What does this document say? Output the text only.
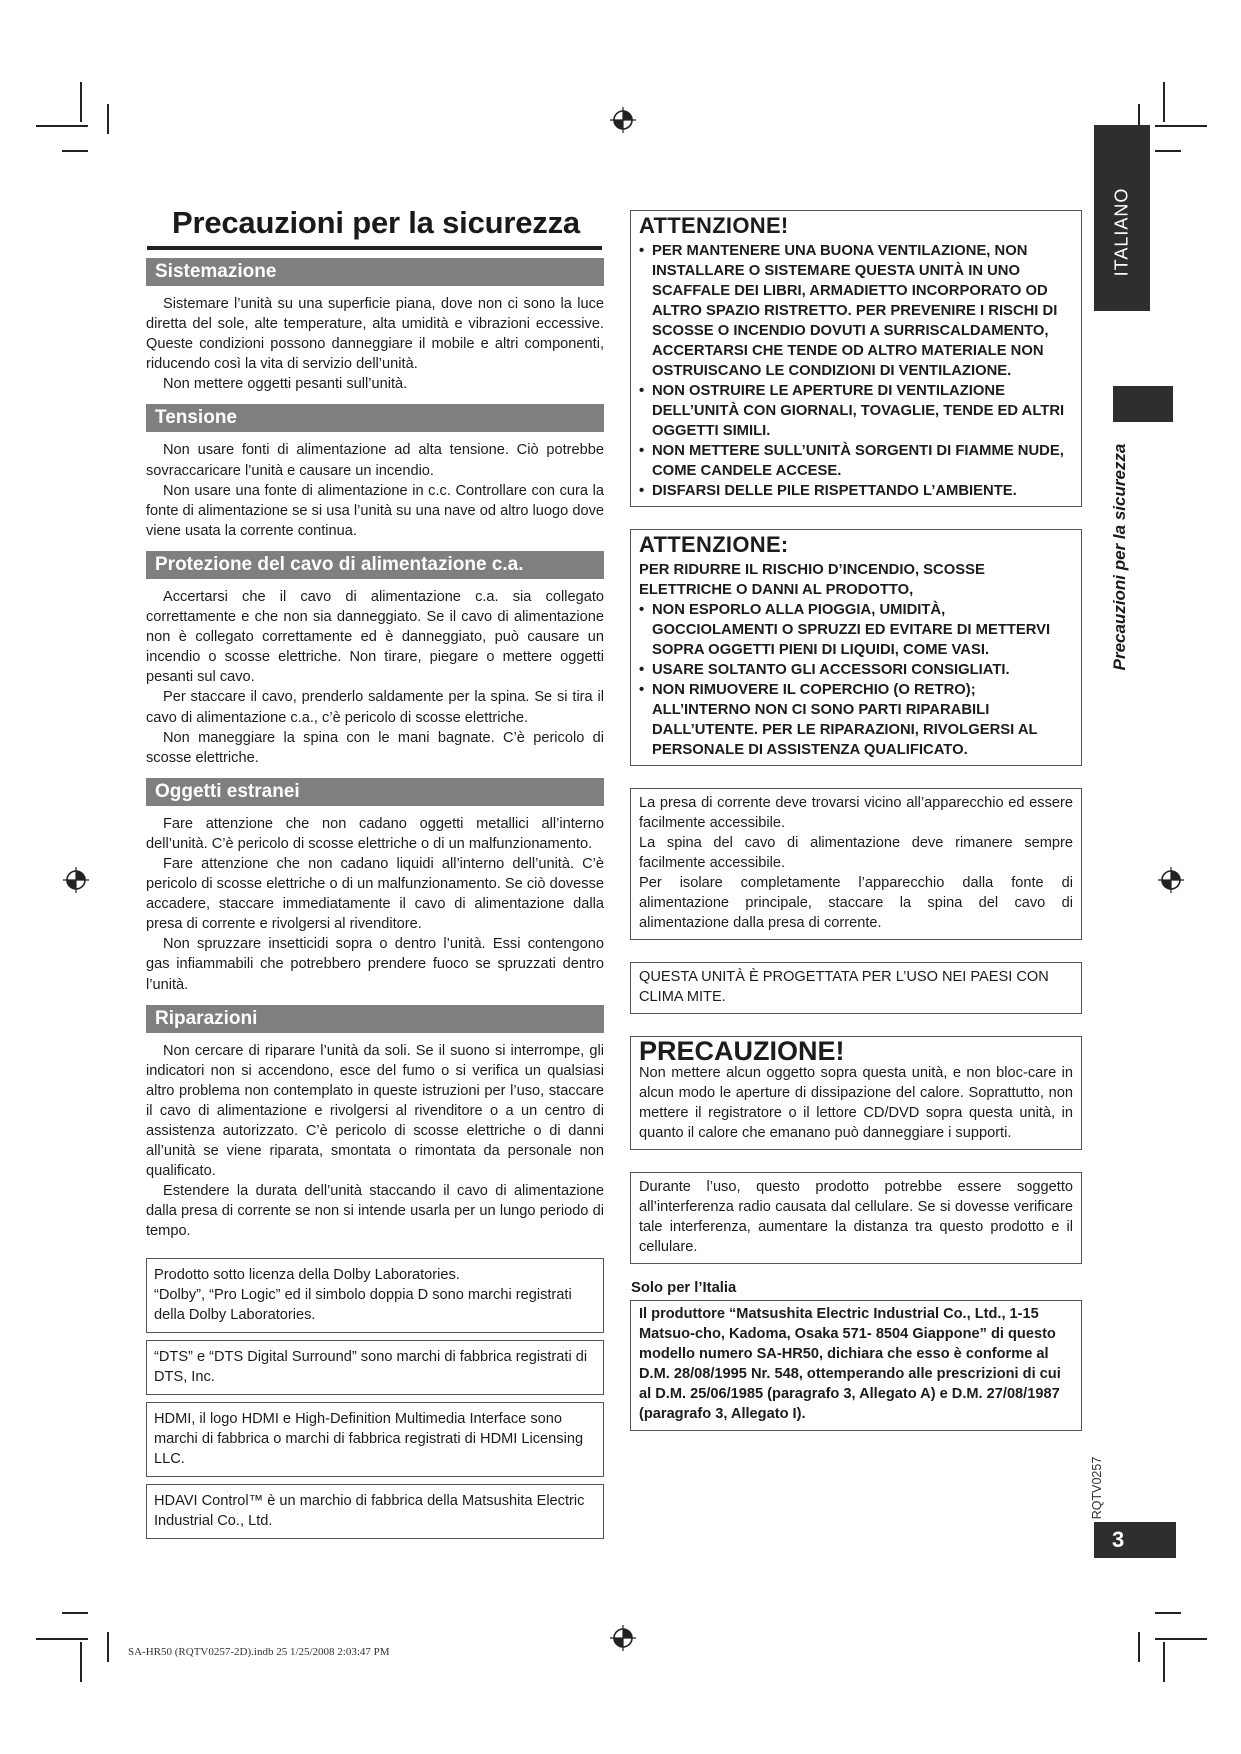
Precauzioni per la sicurezza
Sistemazione

Sistemare l’unità su una superficie piana, dove non ci sono la luce diretta del sole, alte temperature, alta umidità e vibrazioni eccessive. Queste condizioni possono danneggiare il mobile e altri componenti, riducendo così la vita di servizio dell’unità.

Non mettere oggetti pesanti sull’unità.

Tensione

Non usare fonti di alimentazione ad alta tensione. Ciò potrebbe sovraccaricare l’unità e causare un incendio.

Non usare una fonte di alimentazione in c.c. Controllare con cura la fonte di alimentazione se si usa l’unità su una nave od altro luogo dove viene usata la corrente continua.

Protezione del cavo di alimentazione c.a.

Accertarsi che il cavo di alimentazione c.a. sia collegato correttamente e che non sia danneggiato. Se il cavo di alimentazione non è collegato correttamente ed è danneggiato, può causare un incendio o scosse elettriche. Non tirare, piegare o mettere oggetti pesanti sul cavo.

Per staccare il cavo, prenderlo saldamente per la spina. Se si tira il cavo di alimentazione c.a., c’è pericolo di scosse elettriche.

Non maneggiare la spina con le mani bagnate. C’è pericolo di scosse elettriche.

Oggetti estranei

Fare attenzione che non cadano oggetti metallici all’interno dell’unità. C’è pericolo di scosse elettriche o di un malfunzionamento.

Fare attenzione che non cadano liquidi all’interno dell’unità. C’è pericolo di scosse elettriche o di un malfunzionamento. Se ciò dovesse accadere, staccare immediatamente il cavo di alimentazione dalla presa di corrente e rivolgersi al rivenditore.

Non spruzzare insetticidi sopra o dentro l’unità. Essi contengono gas infiammabili che potrebbero prendere fuoco se spruzzati dentro l’unità.

Riparazioni

Non cercare di riparare l’unità da soli. Se il suono si interrompe, gli indicatori non si accendono, esce del fumo o si verifica un qualsiasi altro problema non contemplato in queste istruzioni per l’uso, staccare il cavo di alimentazione e rivolgersi al rivenditore o a un centro di assistenza autorizzato. C’è pericolo di scosse elettriche o di danni all’unità se viene riparata, smontata o rimontata da personale non qualificato.

Estendere la durata dell’unità staccando il cavo di alimentazione dalla presa di corrente se non si intende usarla per un lungo periodo di tempo.

Prodotto sotto licenza della Dolby Laboratories.

“Dolby”, “Pro Logic” ed il simbolo doppia D sono marchi registrati della Dolby Laboratories.

“DTS” e “DTS Digital Surround” sono marchi di fabbrica registrati di DTS, Inc.

HDMI, il logo HDMI e High-Definition Multimedia Interface sono marchi di fabbrica o marchi di fabbrica registrati di HDMI Licensing LLC.

HDAVI Control™ è un marchio di fabbrica della Matsushita Electric Industrial Co., Ltd.

ATTENZIONE!
• PER MANTENERE UNA BUONA VENTILAZIONE, NON INSTALLARE O SISTEMARE QUESTA UNITÀ IN UNO SCAFFALE DEI LIBRI, ARMADIETTO INCORPORATO OD ALTRO SPAZIO RISTRETTO. PER PREVENIRE I RISCHI DI SCOSSE O INCENDIO DOVUTI A SURRISCALDAMENTO, ACCERTARSI CHE TENDE OD ALTRO MATERIALE NON OSTRUISCANO LE CONDIZIONI DI VENTILAZIONE.
• NON OSTRUIRE LE APERTURE DI VENTILAZIONE DELL’UNITÀ CON GIORNALI, TOVAGLIE, TENDE ED ALTRI OGGETTI SIMILI.
• NON METTERE SULL’UNITÀ SORGENTI DI FIAMME NUDE, COME CANDELE ACCESE.
• DISFARSI DELLE PILE RISPETTANDO L’AMBIENTE.
ATTENZIONE:

PER RIDURRE IL RISCHIO D’INCENDIO, SCOSSE ELETTRICHE O DANNI AL PRODOTTO,

• NON ESPORLO ALLA PIOGGIA, UMIDITÀ, GOCCIOLAMENTI O SPRUZZI ED EVITARE DI METTERVI SOPRA OGGETTI PIENI DI LIQUIDI, COME VASI.
• USARE SOLTANTO GLI ACCESSORI CONSIGLIATI.
• NON RIMUOVERE IL COPERCHIO (O RETRO); ALL’INTERNO NON CI SONO PARTI RIPARABILI DALL’UTENTE. PER LE RIPARAZIONI, RIVOLGERSI AL PERSONALE DI ASSISTENZA QUALIFICATO.

La presa di corrente deve trovarsi vicino all’apparecchio ed essere facilmente accessibile.

La spina del cavo di alimentazione deve rimanere sempre facilmente accessibile.

Per isolare completamente l’apparecchio dalla fonte di alimentazione principale, staccare la spina del cavo di alimentazione dalla presa di corrente.

QUESTA UNITÀ È PROGETTATA PER L’USO NEI PAESI CON CLIMA MITE.

PRECAUZIONE!

Non mettere alcun oggetto sopra questa unità, e non bloc-care in alcun modo le aperture di dissipazione del calore. Soprattutto, non mettere il registratore o il lettore CD/DVD sopra questa unità, in quanto il calore che emanano può danneggiare i supporti.

Durante l’uso, questo prodotto potrebbe essere soggetto all’interferenza radio causata dal cellulare. Se si dovesse verificare tale interferenza, aumentare la distanza tra questo prodotto e il cellulare.

Solo per l’Italia

Il produttore “Matsushita Electric Industrial Co., Ltd., 1-15 Matsuo-cho, Kadoma, Osaka 571- 8504 Giappone” di questo modello numero SA-HR50, dichiara che esso è conforme al D.M. 28/08/1995 Nr. 548, ottemperando alle prescrizioni di cui al D.M. 25/06/1985 (paragrafo 3, Allegato A) e D.M. 27/08/1987 (paragrafo 3, Allegato I).

ITALIANO
Precauzioni per la sicurezza
RQTV0257
3
SA-HR50 (RQTV0257-2D).indb 25 1/25/2008 2:03:47 PM
